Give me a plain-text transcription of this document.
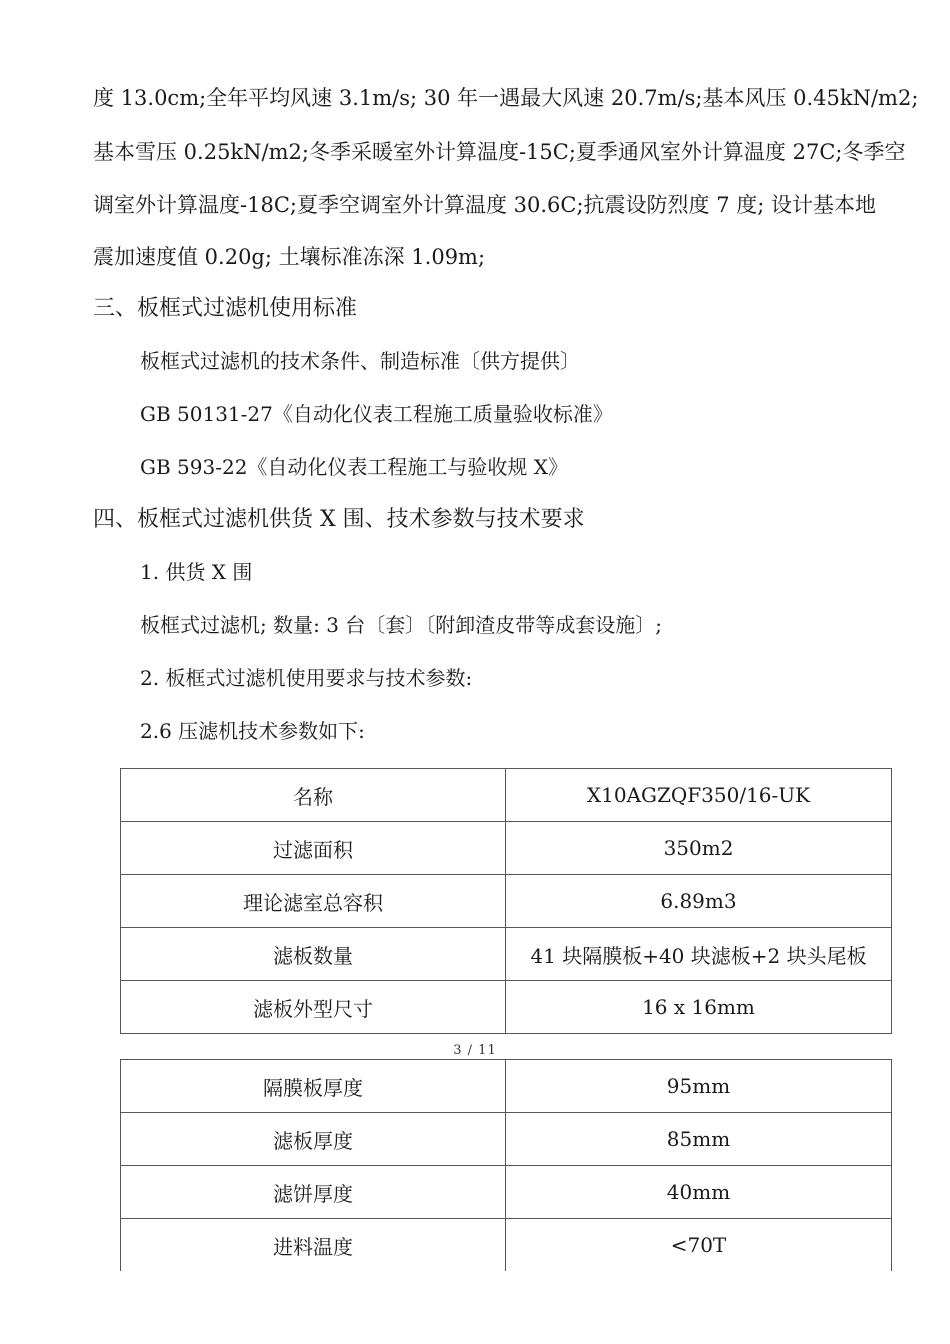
度 13.0cm;全年平均风速 3.1m/s; 30 年一遇最大风速 20.7m/s;基本风压 0.45kN/m2;
基本雪压 0.25kN/m2;冬季采暖室外计算温度-15C;夏季通风室外计算温度 27C;冬季空
调室外计算温度-18C;夏季空调室外计算温度 30.6C;抗震设防烈度 7 度; 设计基本地
震加速度值 0.20g; 土壤标准冻深 1.09m;
三、板框式过滤机使用标准
板框式过滤机的技术条件、制造标准〔供方提供〕
GB 50131-27《自动化仪表工程施工质量验收标准》
GB 593-22《自动化仪表工程施工与验收规 X》
四、板框式过滤机供货 X 围、技术参数与技术要求
1. 供货 X 围
板框式过滤机; 数量: 3 台〔套〕〔附卸渣皮带等成套设施〕;
2. 板框式过滤机使用要求与技术参数:
2.6 压滤机技术参数如下:
名称	X10AGZQF350/16-UK
过滤面积	350m2
理论滤室总容积	6.89m3
滤板数量	41 块隔膜板+40 块滤板+2 块头尾板
滤板外型尺寸	16 x 16mm
3 / 11
隔膜板厚度	95mm
滤板厚度	85mm
滤饼厚度	40mm
进料温度	<70T
